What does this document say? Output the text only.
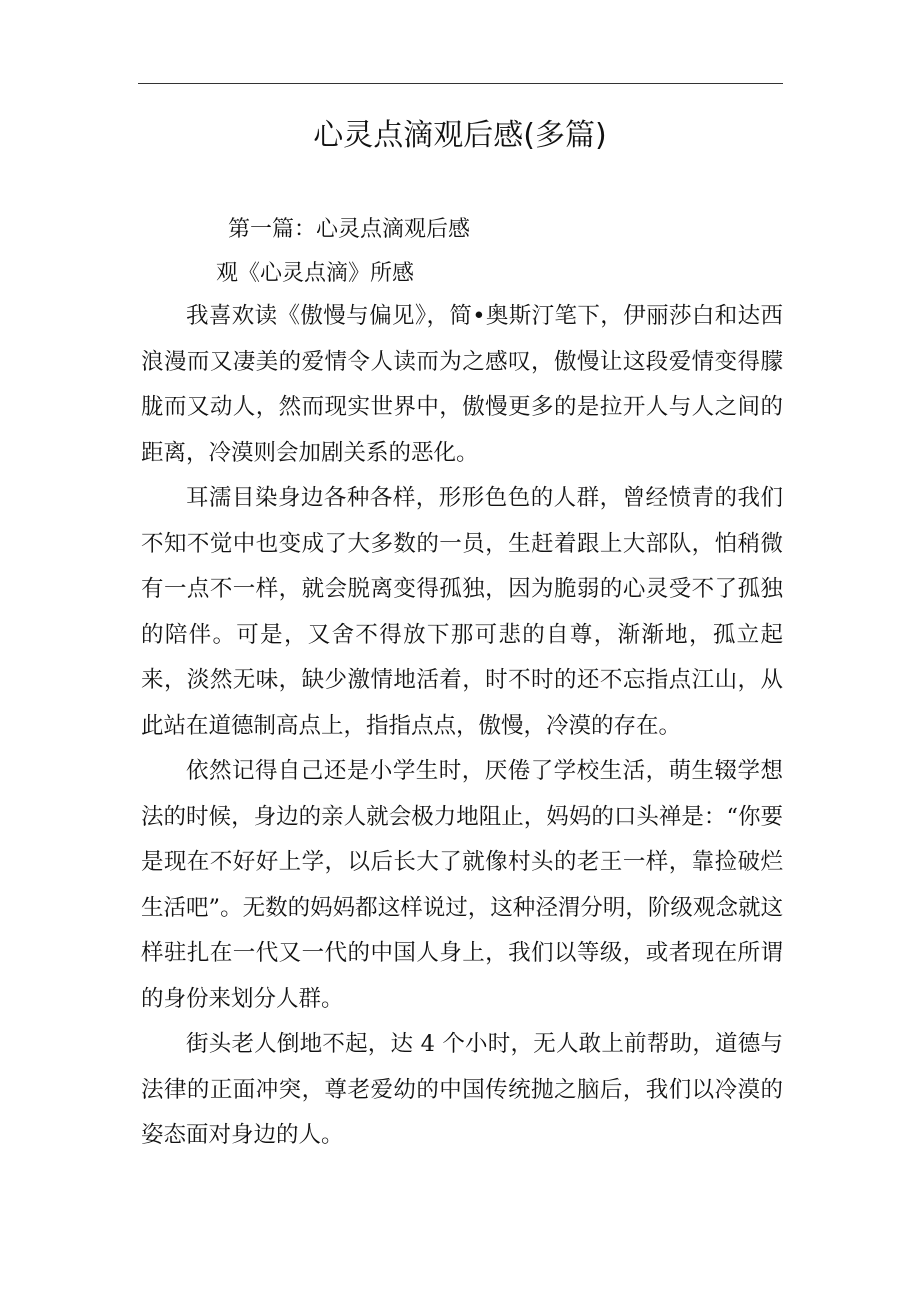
心灵点滴观后感(多篇)
第一篇：心灵点滴观后感
观《心灵点滴》所感

我喜欢读《傲慢与偏见》，简•奥斯汀笔下，伊丽莎白和达西浪漫而又凄美的爱情令人读而为之感叹，傲慢让这段爱情变得朦胧而又动人，然而现实世界中，傲慢更多的是拉开人与人之间的距离，冷漠则会加剧关系的恶化。

耳濡目染身边各种各样，形形色色的人群，曾经愤青的我们不知不觉中也变成了大多数的一员，生赶着跟上大部队，怕稍微有一点不一样，就会脱离变得孤独，因为脆弱的心灵受不了孤独的陪伴。可是，又舍不得放下那可悲的自尊，渐渐地，孤立起来，淡然无味，缺少激情地活着，时不时的还不忘指点江山，从此站在道德制高点上，指指点点，傲慢，冷漠的存在。

依然记得自己还是小学生时，厌倦了学校生活，萌生辍学想法的时候，身边的亲人就会极力地阻止，妈妈的口头禅是：“你要是现在不好好上学，以后长大了就像村头的老王一样，靠捡破烂生活吧”。无数的妈妈都这样说过，这种泾渭分明，阶级观念就这样驻扎在一代又一代的中国人身上，我们以等级，或者现在所谓的身份来划分人群。

街头老人倒地不起，达 4 个小时，无人敢上前帮助，道德与法律的正面冲突，尊老爱幼的中国传统抛之脑后，我们以冷漠的姿态面对身边的人。
